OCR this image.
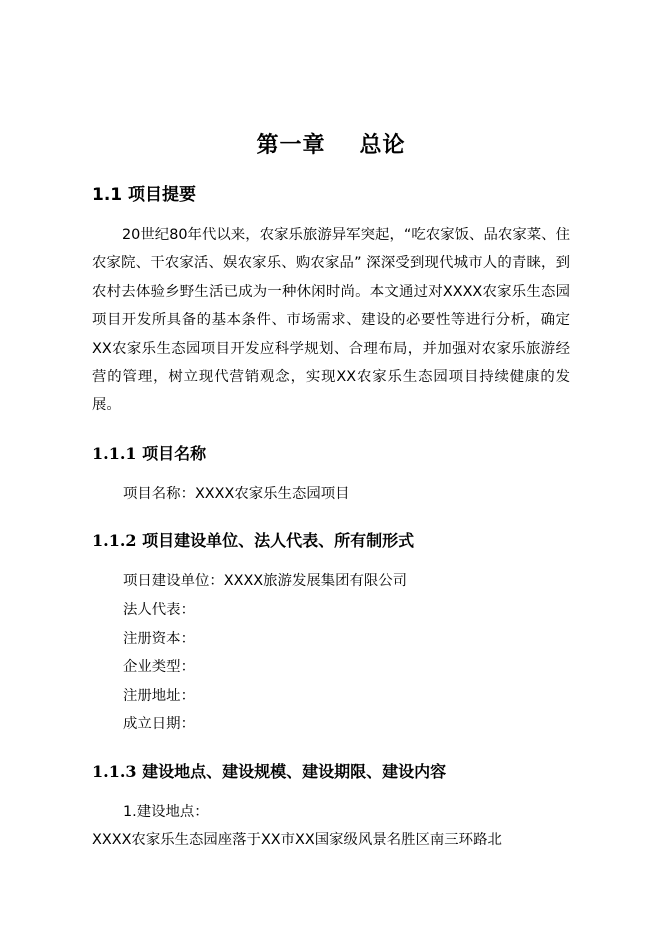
第一章 总论
1.1 项目提要
20世纪80年代以来，农家乐旅游异军突起，“吃农家饭、品农家菜、住农家院、干农家活、娱农家乐、购农家品” 深深受到现代城市人的青睐，到农村去体验乡野生活已成为一种休闲时尚。本文通过对XXXX农家乐生态园项目开发所具备的基本条件、市场需求、建设的必要性等进行分析，确定XX农家乐生态园项目开发应科学规划、合理布局，并加强对农家乐旅游经营的管理，树立现代营销观念，实现XX农家乐生态园项目持续健康的发展。
1.1.1 项目名称
项目名称：XXXX农家乐生态园项目
1.1.2 项目建设单位、法人代表、所有制形式
项日建设单位：XXXX旅游发展集团有限公司
法人代表：
注册资本：
企业类型：
注册地址：
成立日期：
1.1.3 建设地点、建设规模、建设期限、建设内容
1.建设地点：
XXXX农家乐生态园座落于XX市XX国家级风景名胜区南三环路北
